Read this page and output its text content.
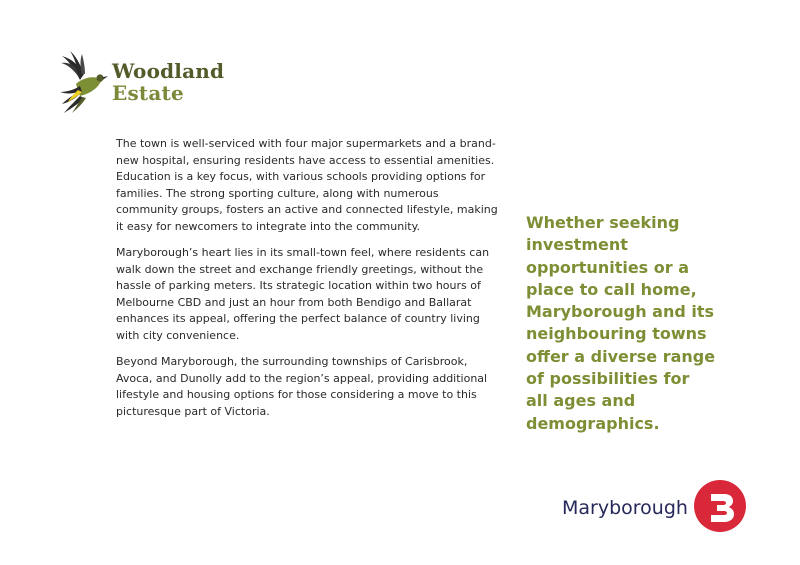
Woodland
Estate

The town is well-serviced with four major supermarkets and a brand-new hospital, ensuring residents have access to essential amenities. Education is a key focus, with various schools providing options for families. The strong sporting culture, along with numerous community groups, fosters an active and connected lifestyle, making it easy for newcomers to integrate into the community.

Maryborough’s heart lies in its small-town feel, where residents can walk down the street and exchange friendly greetings, without the hassle of parking meters. Its strategic location within two hours of Melbourne CBD and just an hour from both Bendigo and Ballarat enhances its appeal, offering the perfect balance of country living with city convenience.

Beyond Maryborough, the surrounding townships of Carisbrook, Avoca, and Dunolly add to the region’s appeal, providing additional lifestyle and housing options for those considering a move to this picturesque part of Victoria.

Whether seeking investment opportunities or a place to call home, Maryborough and its neighbouring towns offer a diverse range of possibilities for all ages and demographics.
Maryborough
